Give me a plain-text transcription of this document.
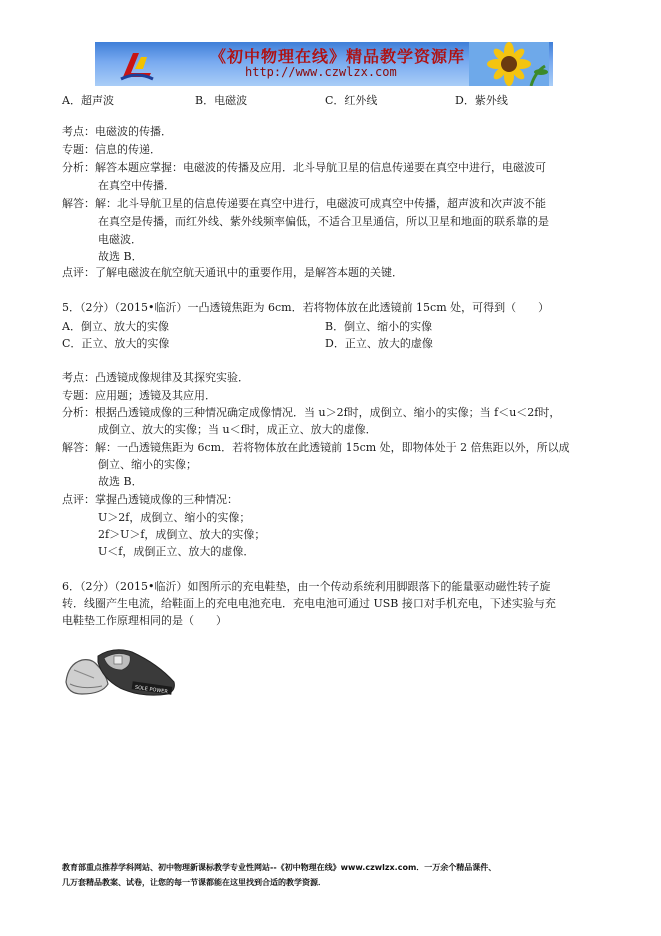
《初中物理在线》精品教学资源库
http://www.czwlzx.com
A．超声波	B．电磁波	C．红外线	D．紫外线
考点：电磁波的传播．
专题：信息的传递．
分析：解答本题应掌握：电磁波的传播及应用．北斗导航卫星的信息传递要在真空中进行，电磁波可
在真空中传播．
解答：解：北斗导航卫星的信息传递要在真空中进行，电磁波可成真空中传播，超声波和次声波不能
在真空是传播，而红外线、紫外线频率偏低，不适合卫星通信，所以卫星和地面的联系靠的是
电磁波．
故选 B．
点评：了解电磁波在航空航天通讯中的重要作用，是解答本题的关键．
5．（2分）（2015•临沂）一凸透镜焦距为 6cm．若将物体放在此透镜前 15cm 处，可得到（　　）
A．倒立、放大的实像	B．倒立、缩小的实像
C．正立、放大的实像	D．正立、放大的虚像
考点：凸透镜成像规律及其探究实验．
专题：应用题；透镜及其应用．
分析：根据凸透镜成像的三种情况确定成像情况．当 u＞2f时，成倒立、缩小的实像；当 f＜u＜2f时，
成倒立、放大的实像；当 u＜f时，成正立、放大的虚像．
解答：解：一凸透镜焦距为 6cm．若将物体放在此透镜前 15cm 处，即物体处于 2 倍焦距以外，所以成
倒立、缩小的实像；
故选 B．
点评：掌握凸透镜成像的三种情况：
U＞2f，成倒立、缩小的实像；
2f＞U＞f，成倒立、放大的实像；
U＜f，成倒正立、放大的虚像．
6．（2分）（2015•临沂）如图所示的充电鞋垫，由一个传动系统利用脚跟落下的能量驱动磁性转子旋
转．线圈产生电流，给鞋面上的充电电池充电．充电电池可通过 USB 接口对手机充电，下述实验与充
电鞋垫工作原理相同的是（　　）
SOLE POWER
教育部重点推荐学科网站、初中物理新课标教学专业性网站--《初中物理在线》www.czwlzx.com．一万余个精品课件、
几万套精品教案、试卷，让您的每一节课都能在这里找到合适的教学资源．
